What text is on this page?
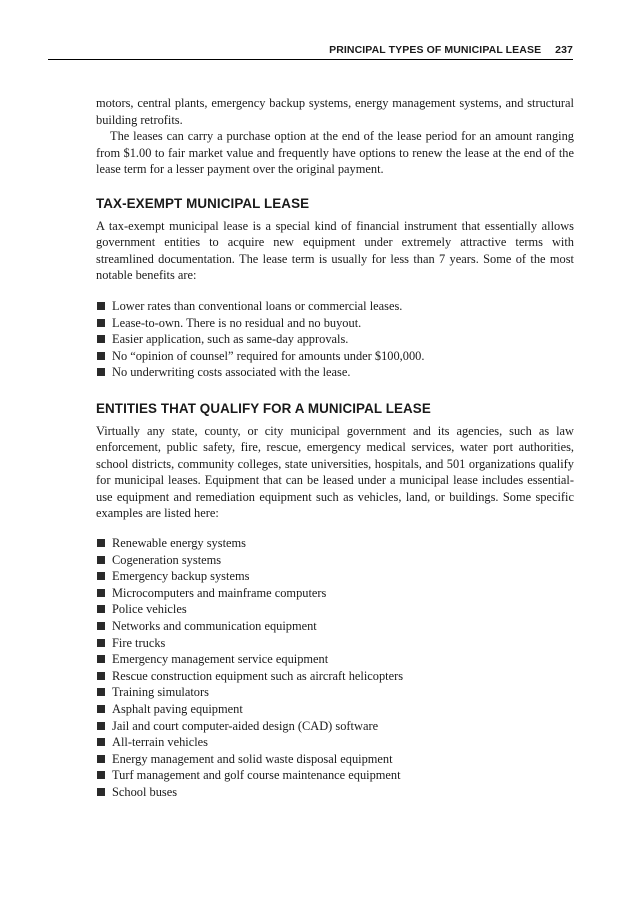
PRINCIPAL TYPES OF MUNICIPAL LEASE 237

motors, central plants, emergency backup systems, energy management systems, and structural building retrofits.

The leases can carry a purchase option at the end of the lease period for an amount ranging from $1.00 to fair market value and frequently have options to renew the lease at the end of the lease term for a lesser payment over the original payment.

TAX-EXEMPT MUNICIPAL LEASE

A tax-exempt municipal lease is a special kind of financial instrument that essentially allows government entities to acquire new equipment under extremely attractive terms with streamlined documentation. The lease term is usually for less than 7 years. Some of the most notable benefits are:

Lower rates than conventional loans or commercial leases.
Lease-to-own. There is no residual and no buyout.
Easier application, such as same-day approvals.
No “opinion of counsel” required for amounts under $100,000.
No underwriting costs associated with the lease.
ENTITIES THAT QUALIFY FOR A MUNICIPAL LEASE

Virtually any state, county, or city municipal government and its agencies, such as law enforcement, public safety, fire, rescue, emergency medical services, water port authorities, school districts, community colleges, state universities, hospitals, and 501 organizations qualify for municipal leases. Equipment that can be leased under a municipal lease includes essential-use equipment and remediation equipment such as vehicles, land, or buildings. Some specific examples are listed here:

Renewable energy systems
Cogeneration systems
Emergency backup systems
Microcomputers and mainframe computers
Police vehicles
Networks and communication equipment
Fire trucks
Emergency management service equipment
Rescue construction equipment such as aircraft helicopters
Training simulators
Asphalt paving equipment
Jail and court computer-aided design (CAD) software
All-terrain vehicles
Energy management and solid waste disposal equipment
Turf management and golf course maintenance equipment
School buses
